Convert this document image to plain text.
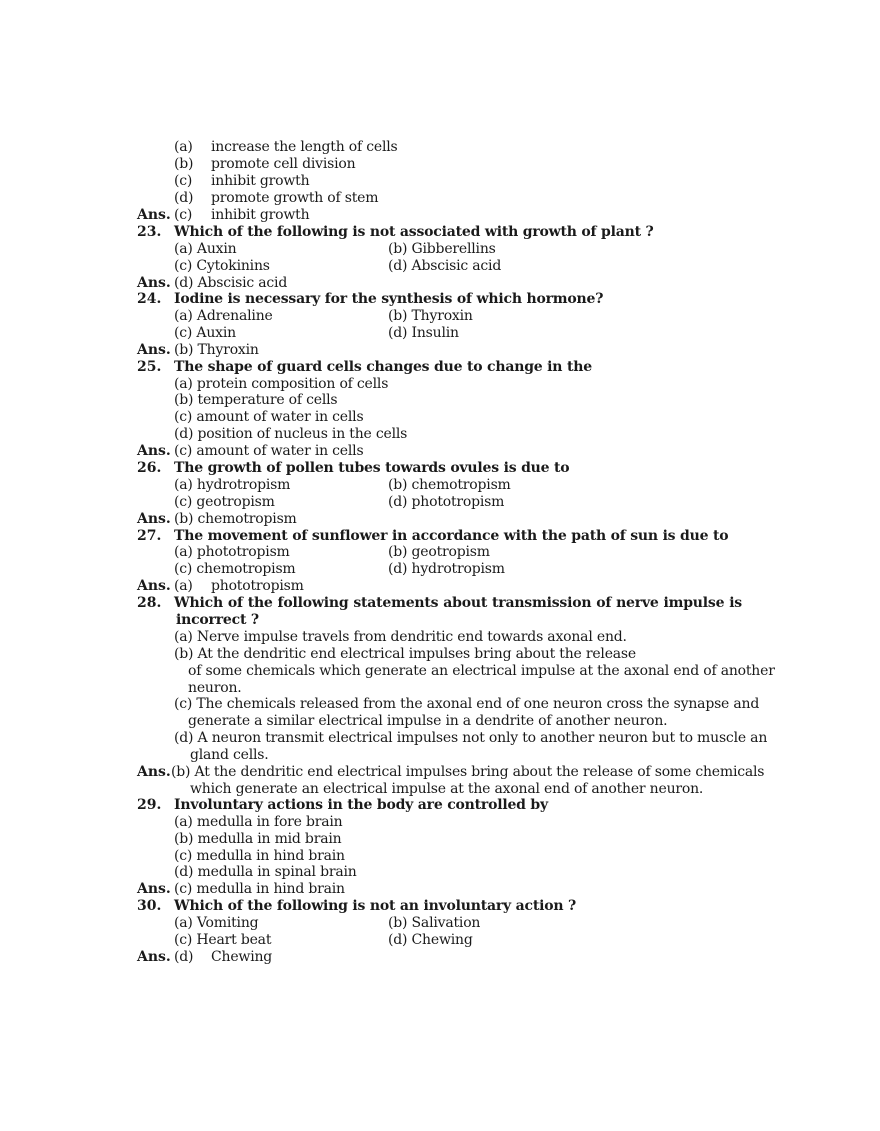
(a) increase the length of cells
(b) promote cell division
(c) inhibit growth
(d) promote growth of stem
Ans. (c) inhibit growth
23. Which of the following is not associated with growth of plant ?
(a) Auxin	(b) Gibberellins
(c) Cytokinins	(d) Abscisic acid
Ans. (d) Abscisic acid
24. Iodine is necessary for the synthesis of which hormone?
(a) Adrenaline	(b) Thyroxin
(c) Auxin	(d) Insulin
Ans. (b) Thyroxin
25. The shape of guard cells changes due to change in the
(a) protein composition of cells
(b) temperature of cells
(c) amount of water in cells
(d) position of nucleus in the cells
Ans. (c) amount of water in cells
26. The growth of pollen tubes towards ovules is due to
(a) hydrotropism	(b) chemotropism
(c) geotropism	(d) phototropism
Ans. (b) chemotropism
27. The movement of sunflower in accordance with the path of sun is due to
(a) phototropism	(b) geotropism
(c) chemotropism	(d) hydrotropism
Ans. (a) phototropism
28. Which of the following statements about transmission of nerve impulse is
incorrect ?
(a) Nerve impulse travels from dendritic end towards axonal end.
(b) At the dendritic end electrical impulses bring about the release
of some chemicals which generate an electrical impulse at the axonal end of another
neuron.
(c) The chemicals released from the axonal end of one neuron cross the synapse and
generate a similar electrical impulse in a dendrite of another neuron.
(d) A neuron transmit electrical impulses not only to another neuron but to muscle an
gland cells.
Ans. (b) At the dendritic end electrical impulses bring about the release of some chemicals
which generate an electrical impulse at the axonal end of another neuron.
29. Involuntary actions in the body are controlled by
(a) medulla in fore brain
(b) medulla in mid brain
(c) medulla in hind brain
(d) medulla in spinal brain
Ans. (c) medulla in hind brain
30. Which of the following is not an involuntary action ?
(a) Vomiting	(b) Salivation
(c) Heart beat	(d) Chewing
Ans. (d) Chewing
